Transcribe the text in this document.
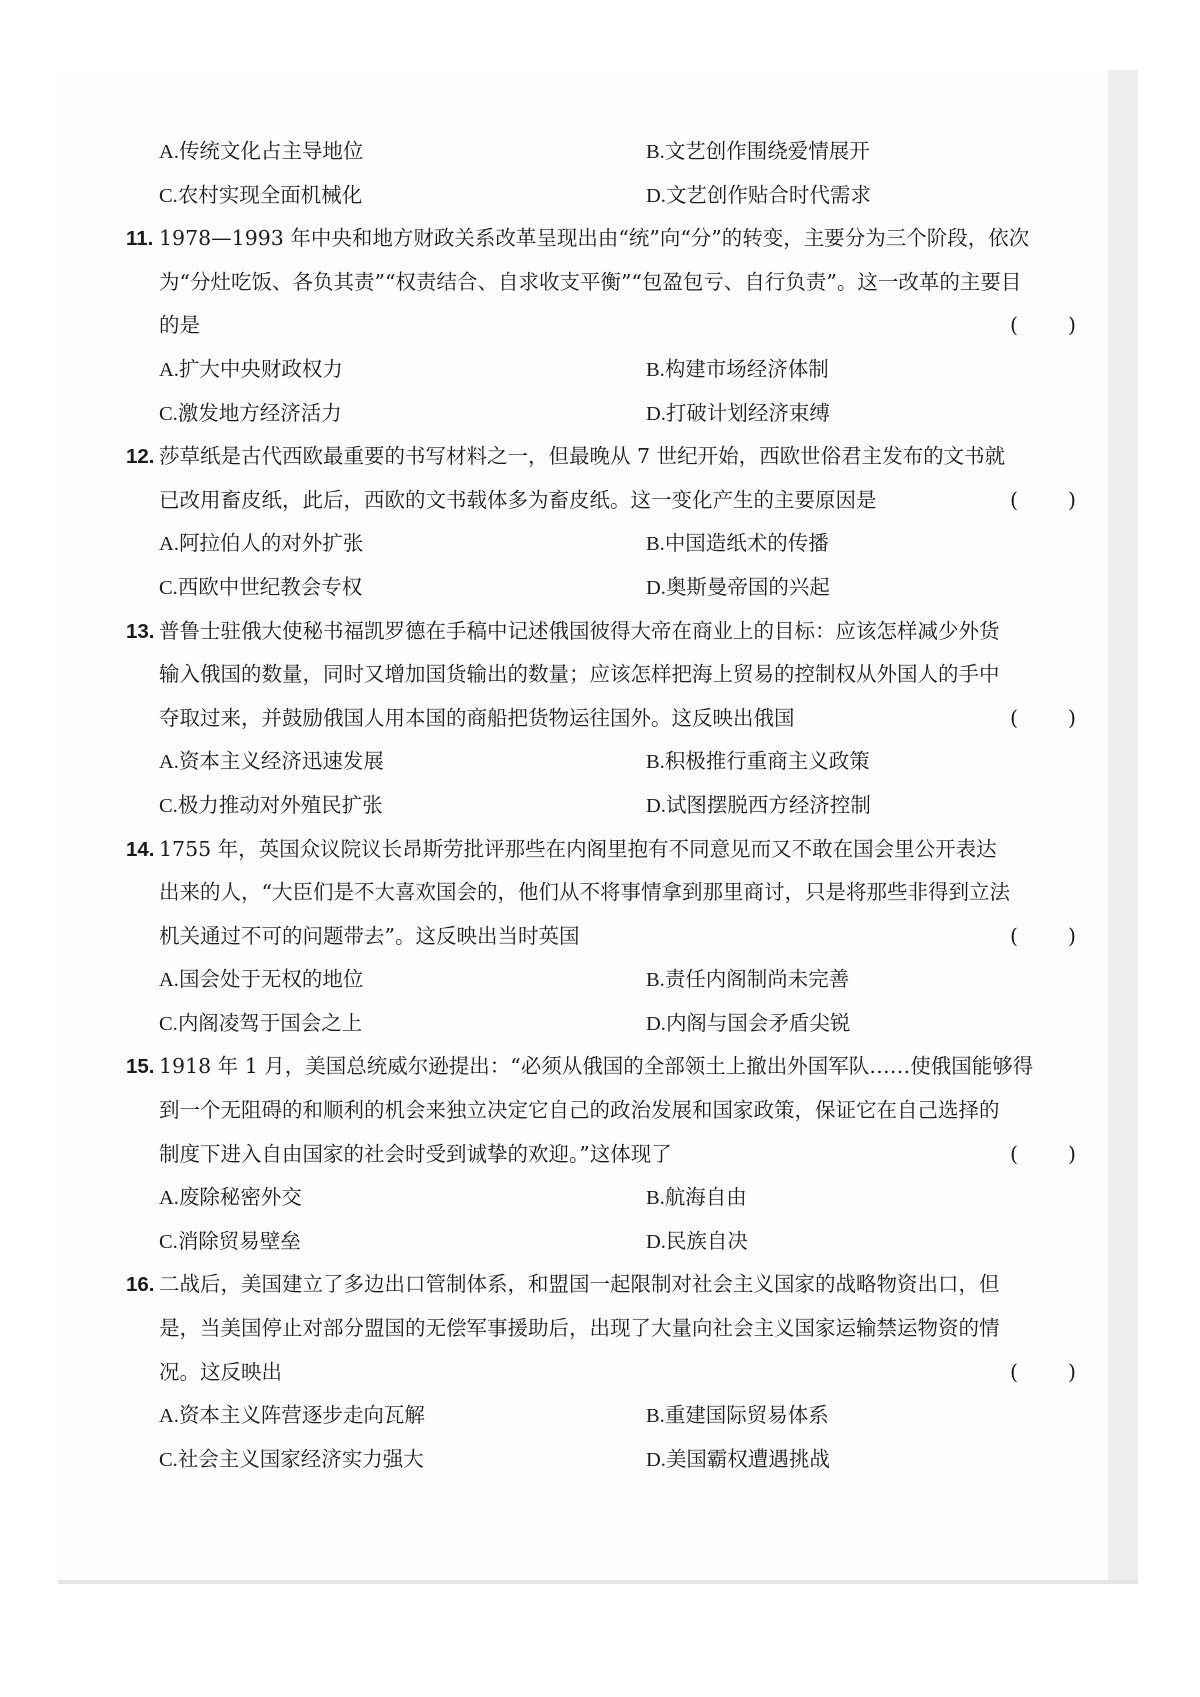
A.传统文化占主导地位	B.文艺创作围绕爱情展开
C.农村实现全面机械化	D.文艺创作贴合时代需求
11. 1978—1993 年中央和地方财政关系改革呈现出由“统”向“分”的转变，主要分为三个阶段，依次
为“分灶吃饭、各负其责”“权责结合、自求收支平衡”“包盈包亏、自行负责”。这一改革的主要目
的是	( )
A.扩大中央财政权力	B.构建市场经济体制
C.激发地方经济活力	D.打破计划经济束缚
12. 莎草纸是古代西欧最重要的书写材料之一，但最晚从 7 世纪开始，西欧世俗君主发布的文书就
已改用畜皮纸，此后，西欧的文书载体多为畜皮纸。这一变化产生的主要原因是	( )
A.阿拉伯人的对外扩张	B.中国造纸术的传播
C.西欧中世纪教会专权	D.奥斯曼帝国的兴起
13. 普鲁士驻俄大使秘书福凯罗德在手稿中记述俄国彼得大帝在商业上的目标：应该怎样减少外货
输入俄国的数量，同时又增加国货输出的数量；应该怎样把海上贸易的控制权从外国人的手中
夺取过来，并鼓励俄国人用本国的商船把货物运往国外。这反映出俄国	( )
A.资本主义经济迅速发展	B.积极推行重商主义政策
C.极力推动对外殖民扩张	D.试图摆脱西方经济控制
14. 1755 年，英国众议院议长昂斯劳批评那些在内阁里抱有不同意见而又不敢在国会里公开表达
出来的人，“大臣们是不大喜欢国会的，他们从不将事情拿到那里商讨，只是将那些非得到立法
机关通过不可的问题带去”。这反映出当时英国	( )
A.国会处于无权的地位	B.责任内阁制尚未完善
C.内阁凌驾于国会之上	D.内阁与国会矛盾尖锐
15. 1918 年 1 月，美国总统威尔逊提出：“必须从俄国的全部领土上撤出外国军队……使俄国能够得
到一个无阻碍的和顺利的机会来独立决定它自己的政治发展和国家政策，保证它在自己选择的
制度下进入自由国家的社会时受到诚挚的欢迎。”这体现了	( )
A.废除秘密外交	B.航海自由
C.消除贸易壁垒	D.民族自决
16. 二战后，美国建立了多边出口管制体系，和盟国一起限制对社会主义国家的战略物资出口，但
是，当美国停止对部分盟国的无偿军事援助后，出现了大量向社会主义国家运输禁运物资的情
况。这反映出	( )
A.资本主义阵营逐步走向瓦解	B.重建国际贸易体系
C.社会主义国家经济实力强大	D.美国霸权遭遇挑战
